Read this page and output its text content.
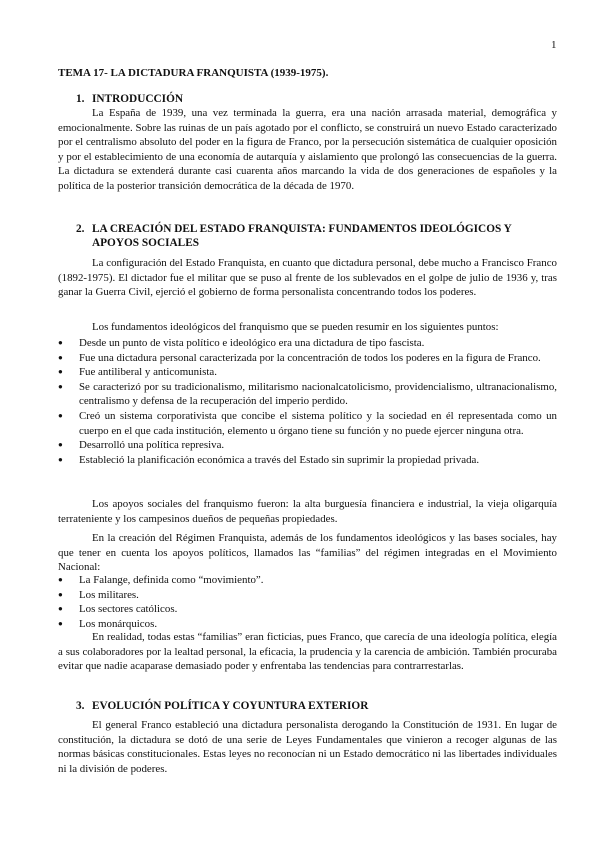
1
TEMA 17- LA DICTADURA FRANQUISTA (1939-1975).
1. INTRODUCCIÓN

La España de 1939, una vez terminada la guerra, era una nación arrasada material, demográfica y emocionalmente. Sobre las ruinas de un país agotado por el conflicto, se construirá un nuevo Estado caracterizado por el centralismo absoluto del poder en la figura de Franco, por la persecución sistemática de cualquier oposición y por el establecimiento de una economía de autarquía y aislamiento que prolongó las consecuencias de la guerra. La dictadura se extenderá durante casi cuarenta años marcando la vida de dos generaciones de españoles y la política de la posterior transición democrática de la década de 1970.

2. LA CREACIÓN DEL ESTADO FRANQUISTA: FUNDAMENTOS IDEOLÓGICOS Y APOYOS SOCIALES

La configuración del Estado Franquista, en cuanto que dictadura personal, debe mucho a Francisco Franco (1892-1975). El dictador fue el militar que se puso al frente de los sublevados en el golpe de julio de 1936 y, tras ganar la Guerra Civil, ejerció el gobierno de forma personalista concentrando todos los poderes.

Los fundamentos ideológicos del franquismo que se pueden resumir en los siguientes puntos:

● Desde un punto de vista político e ideológico era una dictadura de tipo fascista.
● Fue una dictadura personal caracterizada por la concentración de todos los poderes en la figura de Franco.
● Fue antiliberal y anticomunista.
● Se caracterizó por su tradicionalismo, militarismo nacionalcatolicismo, providencialismo, ultranacionalismo, centralismo y defensa de la recuperación del imperio perdido.
● Creó un sistema corporativista que concibe el sistema político y la sociedad en él representada como un cuerpo en el que cada institución, elemento u órgano tiene su función y no puede ejercer ninguna otra.
● Desarrolló una política represiva.
● Estableció la planificación económica a través del Estado sin suprimir la propiedad privada.

Los apoyos sociales del franquismo fueron: la alta burguesía financiera e industrial, la vieja oligarquía terrateniente y los campesinos dueños de pequeñas propiedades.

En la creación del Régimen Franquista, además de los fundamentos ideológicos y las bases sociales, hay que tener en cuenta los apoyos políticos, llamados las “familias” del régimen integradas en el Movimiento Nacional:

● La Falange, definida como “movimiento”.
● Los militares.
● Los sectores católicos.
● Los monárquicos.

En realidad, todas estas “familias” eran ficticias, pues Franco, que carecía de una ideología política, elegía a sus colaboradores por la lealtad personal, la eficacia, la prudencia y la carencia de ambición. También procuraba evitar que nadie acaparase demasiado poder y enfrentaba las tendencias para contrarrestarlas.

3. EVOLUCIÓN POLÍTICA Y COYUNTURA EXTERIOR

El general Franco estableció una dictadura personalista derogando la Constitución de 1931. En lugar de constitución, la dictadura se dotó de una serie de Leyes Fundamentales que vinieron a recoger algunas de las normas básicas constitucionales. Estas leyes no reconocían ni un Estado democrático ni las libertades individuales ni la división de poderes.
